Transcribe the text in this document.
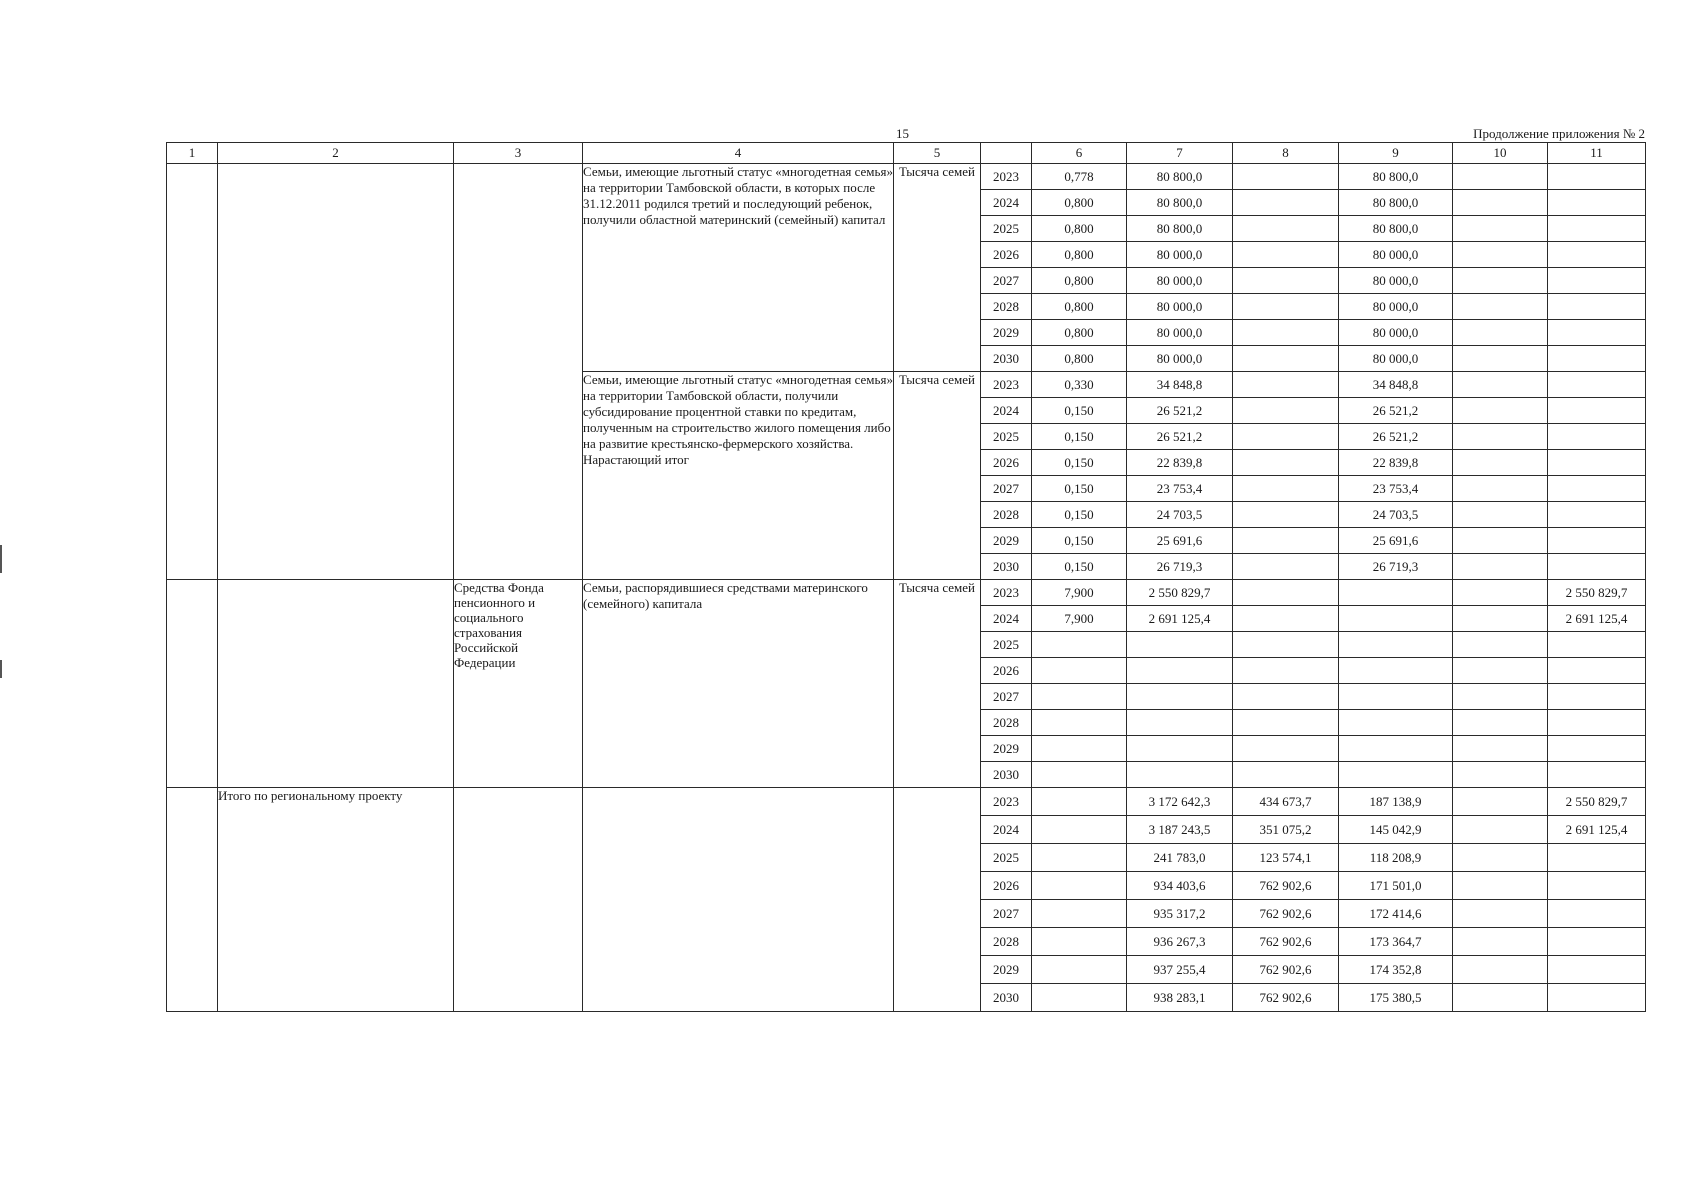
15	Продолжение приложения № 2
1	2	3	4	5		6	7	8	9	10	11
			Семьи, имеющие льготный статус «многодетная семья» на территории Тамбовской области, в которых после 31.12.2011 родился третий и последующий ребенок, получили областной материнский (семейный) капитал	Тысяча семей	2023	0,778	80 800,0		80 800,0		
					2024	0,800	80 800,0		80 800,0		
					2025	0,800	80 800,0		80 800,0		
					2026	0,800	80 000,0		80 000,0		
					2027	0,800	80 000,0		80 000,0		
					2028	0,800	80 000,0		80 000,0		
					2029	0,800	80 000,0		80 000,0		
					2030	0,800	80 000,0		80 000,0		
			Семьи, имеющие льготный статус «многодетная семья» на территории Тамбовской области, получили субсидирование процентной ставки по кредитам, полученным на строительство жилого помещения либо на развитие крестьянско-фермерского хозяйства. Нарастающий итог	Тысяча семей	2023	0,330	34 848,8		34 848,8		
					2024	0,150	26 521,2		26 521,2		
					2025	0,150	26 521,2		26 521,2		
					2026	0,150	22 839,8		22 839,8		
					2027	0,150	23 753,4		23 753,4		
					2028	0,150	24 703,5		24 703,5		
					2029	0,150	25 691,6		25 691,6		
					2030	0,150	26 719,3		26 719,3		
		Средства Фонда пенсионного и социального страхования Российской Федерации	Семьи, распорядившиеся средствами материнского (семейного) капитала	Тысяча семей	2023	7,900	2 550 829,7				2 550 829,7
					2024	7,900	2 691 125,4				2 691 125,4
					2025						
					2026						
					2027						
					2028						
					2029						
					2030						
	Итого по региональному проекту				2023		3 172 642,3	434 673,7	187 138,9		2 550 829,7
					2024		3 187 243,5	351 075,2	145 042,9		2 691 125,4
					2025		241 783,0	123 574,1	118 208,9		
					2026		934 403,6	762 902,6	171 501,0		
					2027		935 317,2	762 902,6	172 414,6		
					2028		936 267,3	762 902,6	173 364,7		
					2029		937 255,4	762 902,6	174 352,8		
					2030		938 283,1	762 902,6	175 380,5		
